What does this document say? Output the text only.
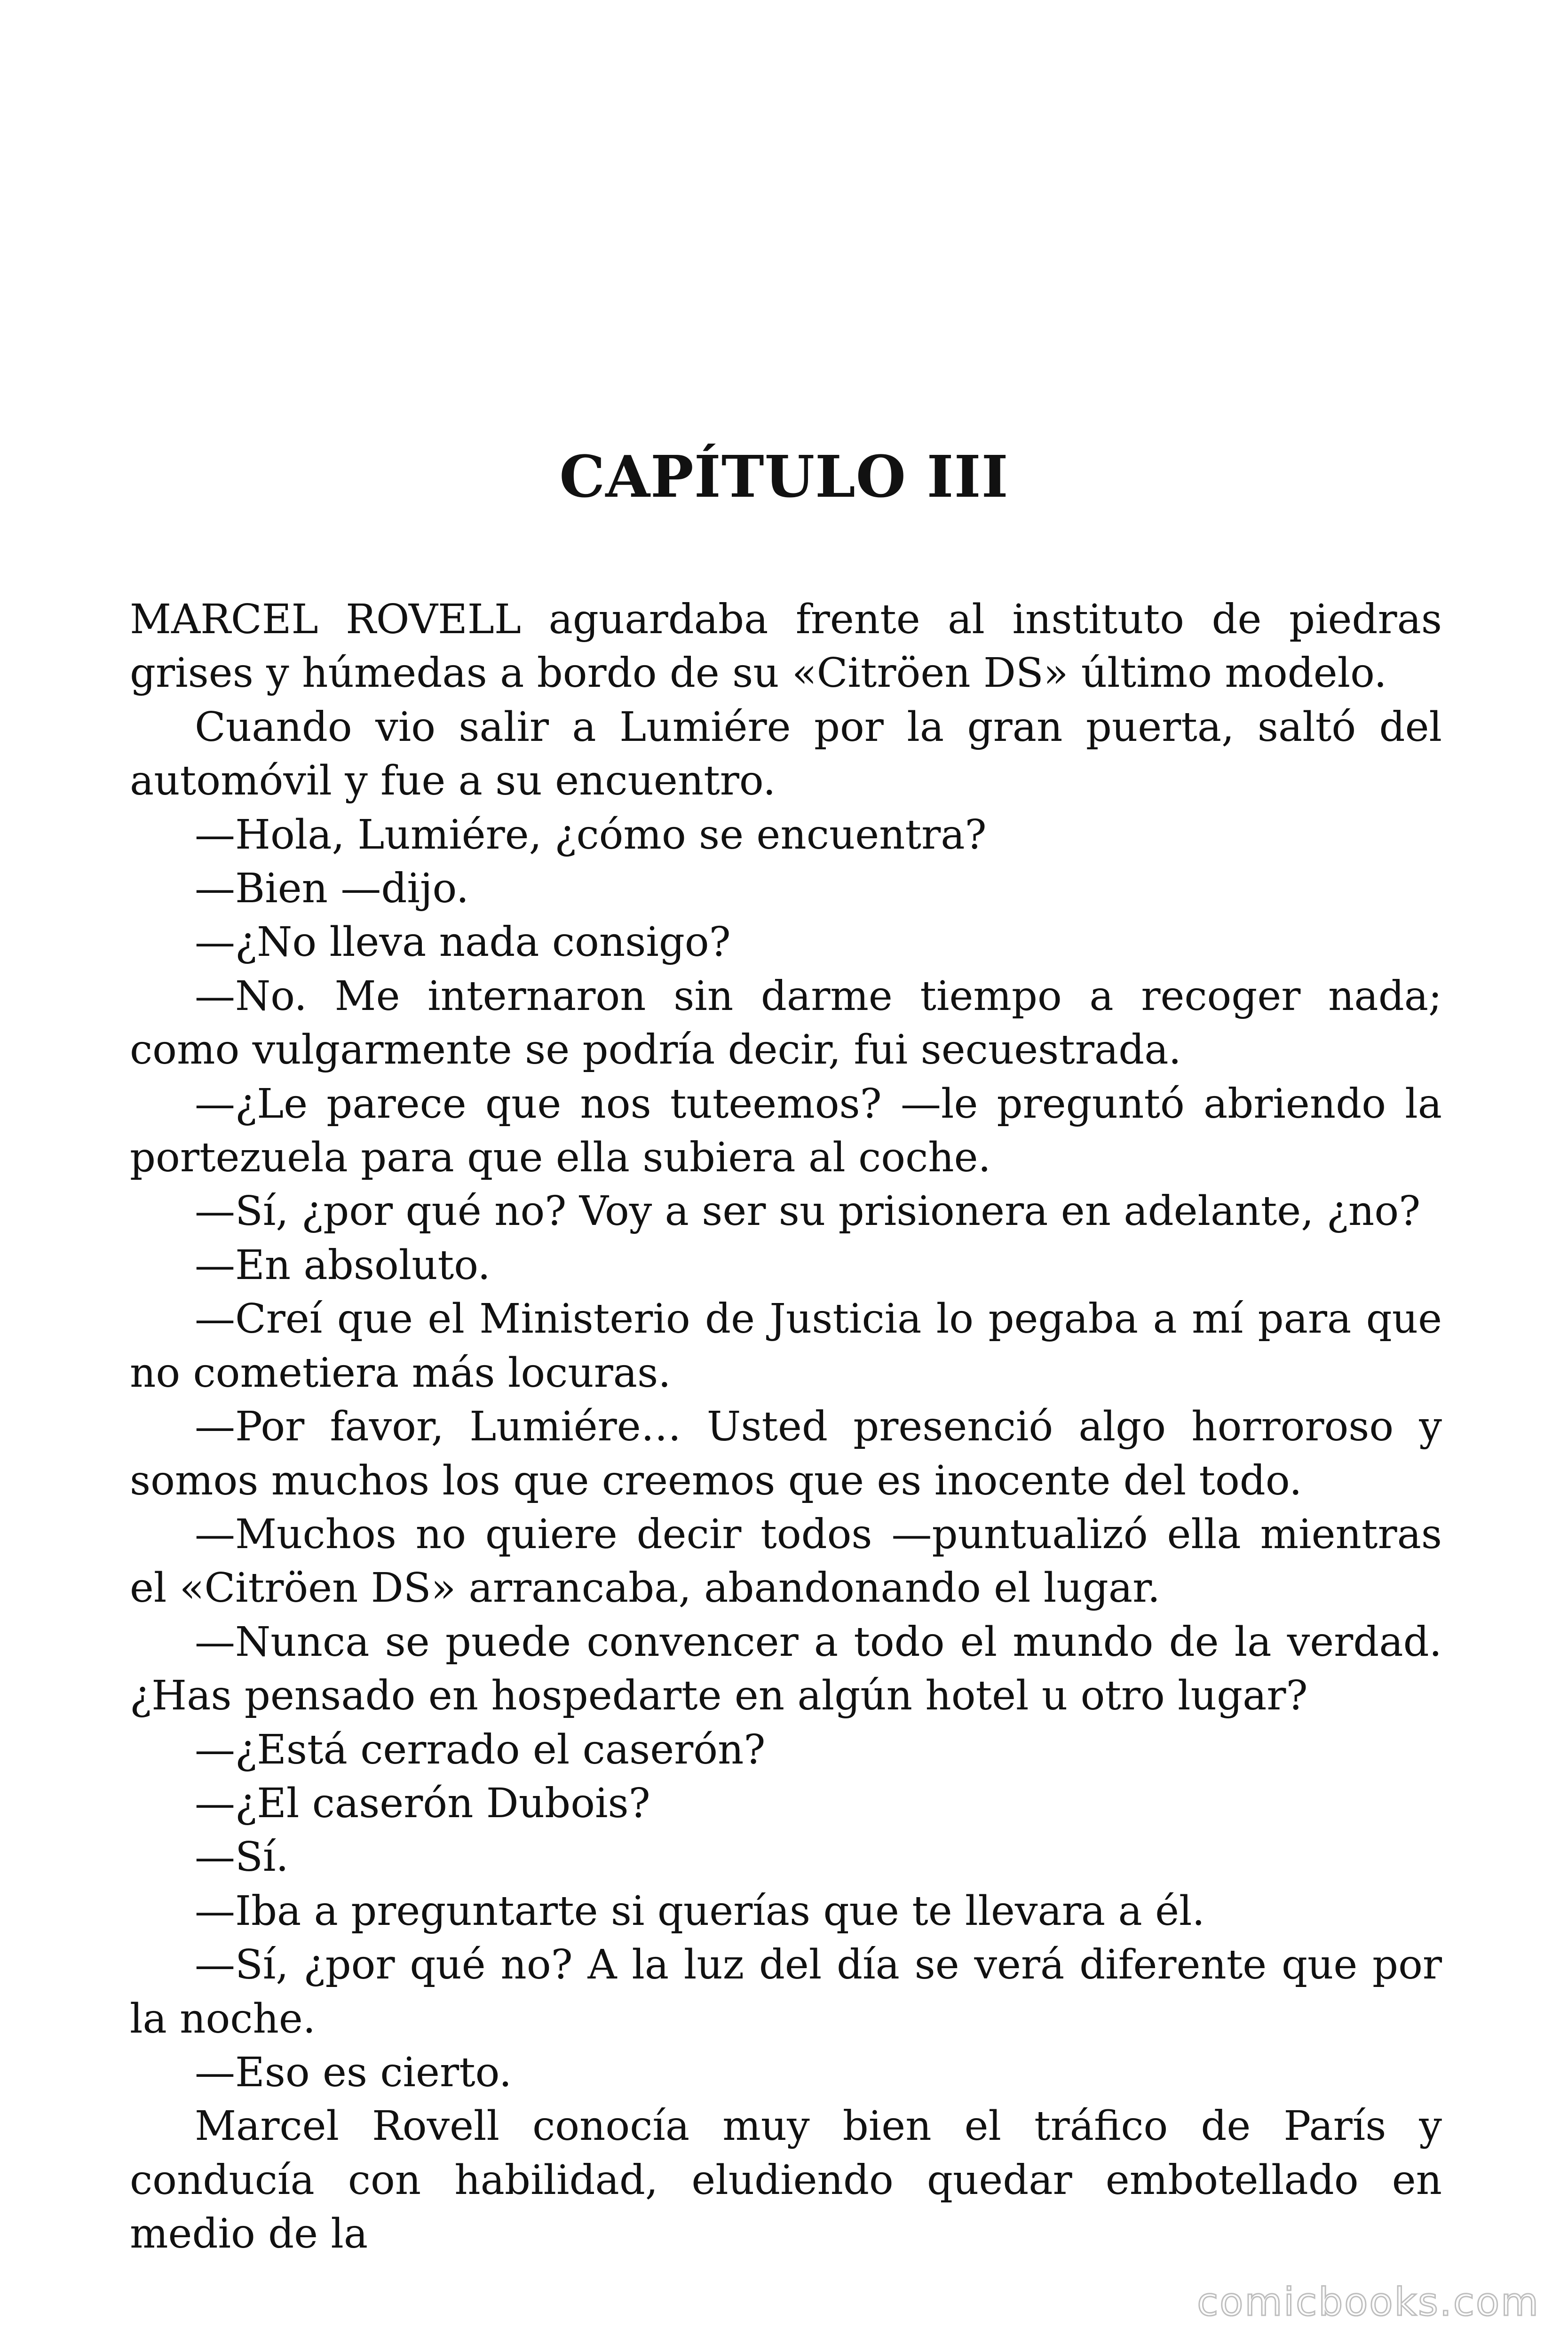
CAPÍTULO III

MARCEL ROVELL aguardaba frente al instituto de piedras grises y húmedas a bordo de su «Citröen DS» último modelo.

Cuando vio salir a Lumiére por la gran puerta, saltó del automóvil y fue a su encuentro.

—Hola, Lumiére, ¿cómo se encuentra?

—Bien —dijo.

—¿No lleva nada consigo?

—No. Me internaron sin darme tiempo a recoger nada; como vulgarmente se podría decir, fui secuestrada.

—¿Le parece que nos tuteemos? —le preguntó abriendo la portezuela para que ella subiera al coche.

—Sí, ¿por qué no? Voy a ser su prisionera en adelante, ¿no?

—En absoluto.

—Creí que el Ministerio de Justicia lo pegaba a mí para que no cometiera más locuras.

—Por favor, Lumiére… Usted presenció algo horroroso y somos muchos los que creemos que es inocente del todo.

—Muchos no quiere decir todos —puntualizó ella mientras el «Citröen DS» arrancaba, abandonando el lugar.

—Nunca se puede convencer a todo el mundo de la verdad. ¿Has pensado en hospedarte en algún hotel u otro lugar?

—¿Está cerrado el caserón?

—¿El caserón Dubois?

—Sí.

—Iba a preguntarte si querías que te llevara a él.

—Sí, ¿por qué no? A la luz del día se verá diferente que por la noche.

—Eso es cierto.

Marcel Rovell conocía muy bien el tráfico de París y conducía con habilidad, eludiendo quedar embotellado en medio de la

comicbooks.com
